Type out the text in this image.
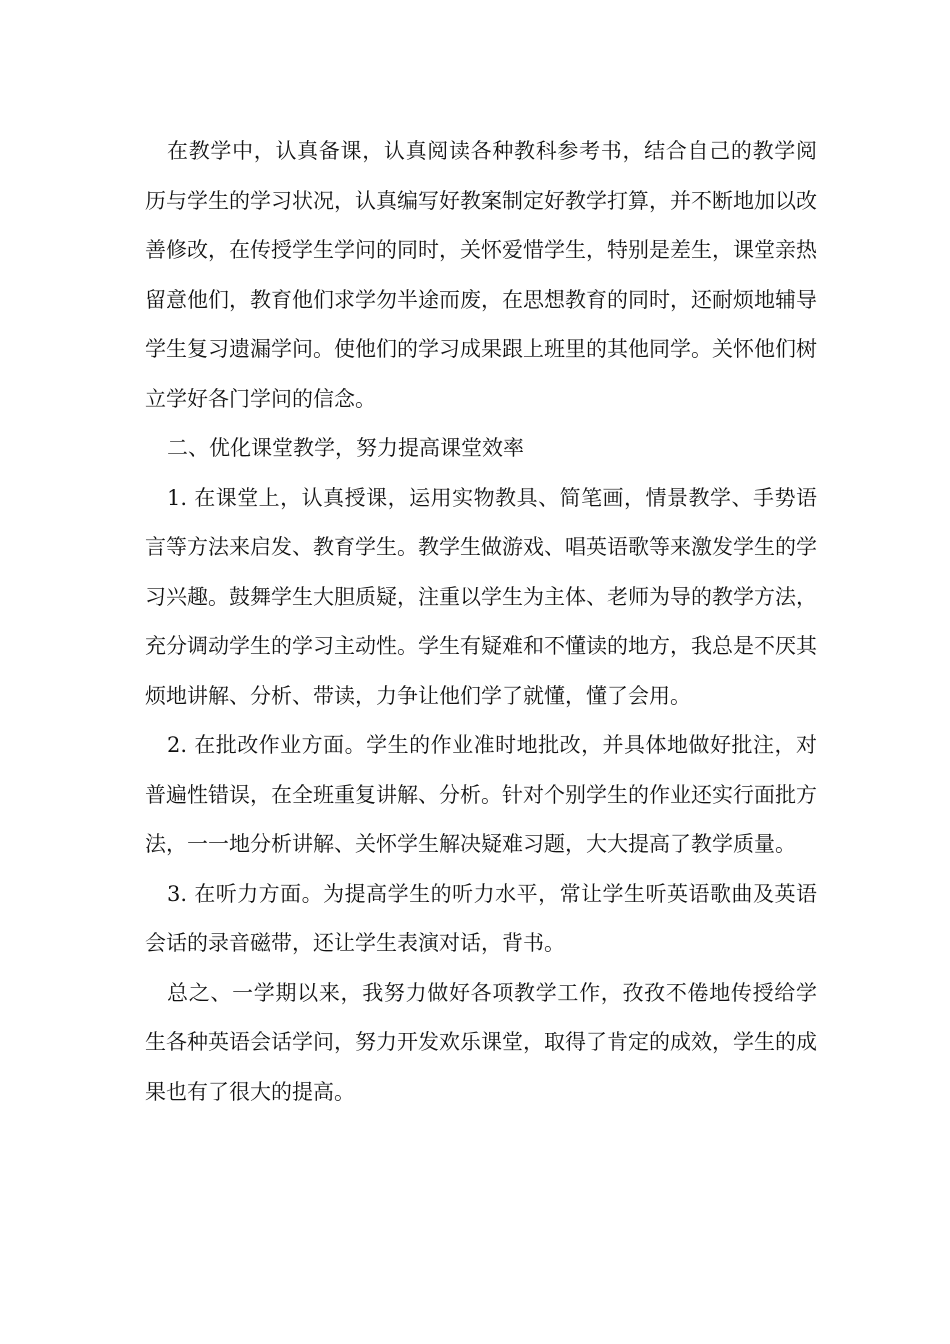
在教学中，认真备课，认真阅读各种教科参考书，结合自己的教学阅历与学生的学习状况，认真编写好教案制定好教学打算，并不断地加以改善修改，在传授学生学问的同时，关怀爱惜学生，特别是差生，课堂亲热留意他们，教育他们求学勿半途而废，在思想教育的同时，还耐烦地辅导学生复习遗漏学问。使他们的学习成果跟上班里的其他同学。关怀他们树立学好各门学问的信念。

二、优化课堂教学，努力提高课堂效率

1. 在课堂上，认真授课，运用实物教具、简笔画，情景教学、手势语言等方法来启发、教育学生。教学生做游戏、唱英语歌等来激发学生的学习兴趣。鼓舞学生大胆质疑，注重以学生为主体、老师为导的教学方法，充分调动学生的学习主动性。学生有疑难和不懂读的地方，我总是不厌其烦地讲解、分析、带读，力争让他们学了就懂，懂了会用。

2. 在批改作业方面。学生的作业准时地批改，并具体地做好批注，对普遍性错误，在全班重复讲解、分析。针对个别学生的作业还实行面批方法，一一地分析讲解、关怀学生解决疑难习题，大大提高了教学质量。

3. 在听力方面。为提高学生的听力水平，常让学生听英语歌曲及英语会话的录音磁带，还让学生表演对话，背书。

总之、一学期以来，我努力做好各项教学工作，孜孜不倦地传授给学生各种英语会话学问，努力开发欢乐课堂，取得了肯定的成效，学生的成果也有了很大的提高。
